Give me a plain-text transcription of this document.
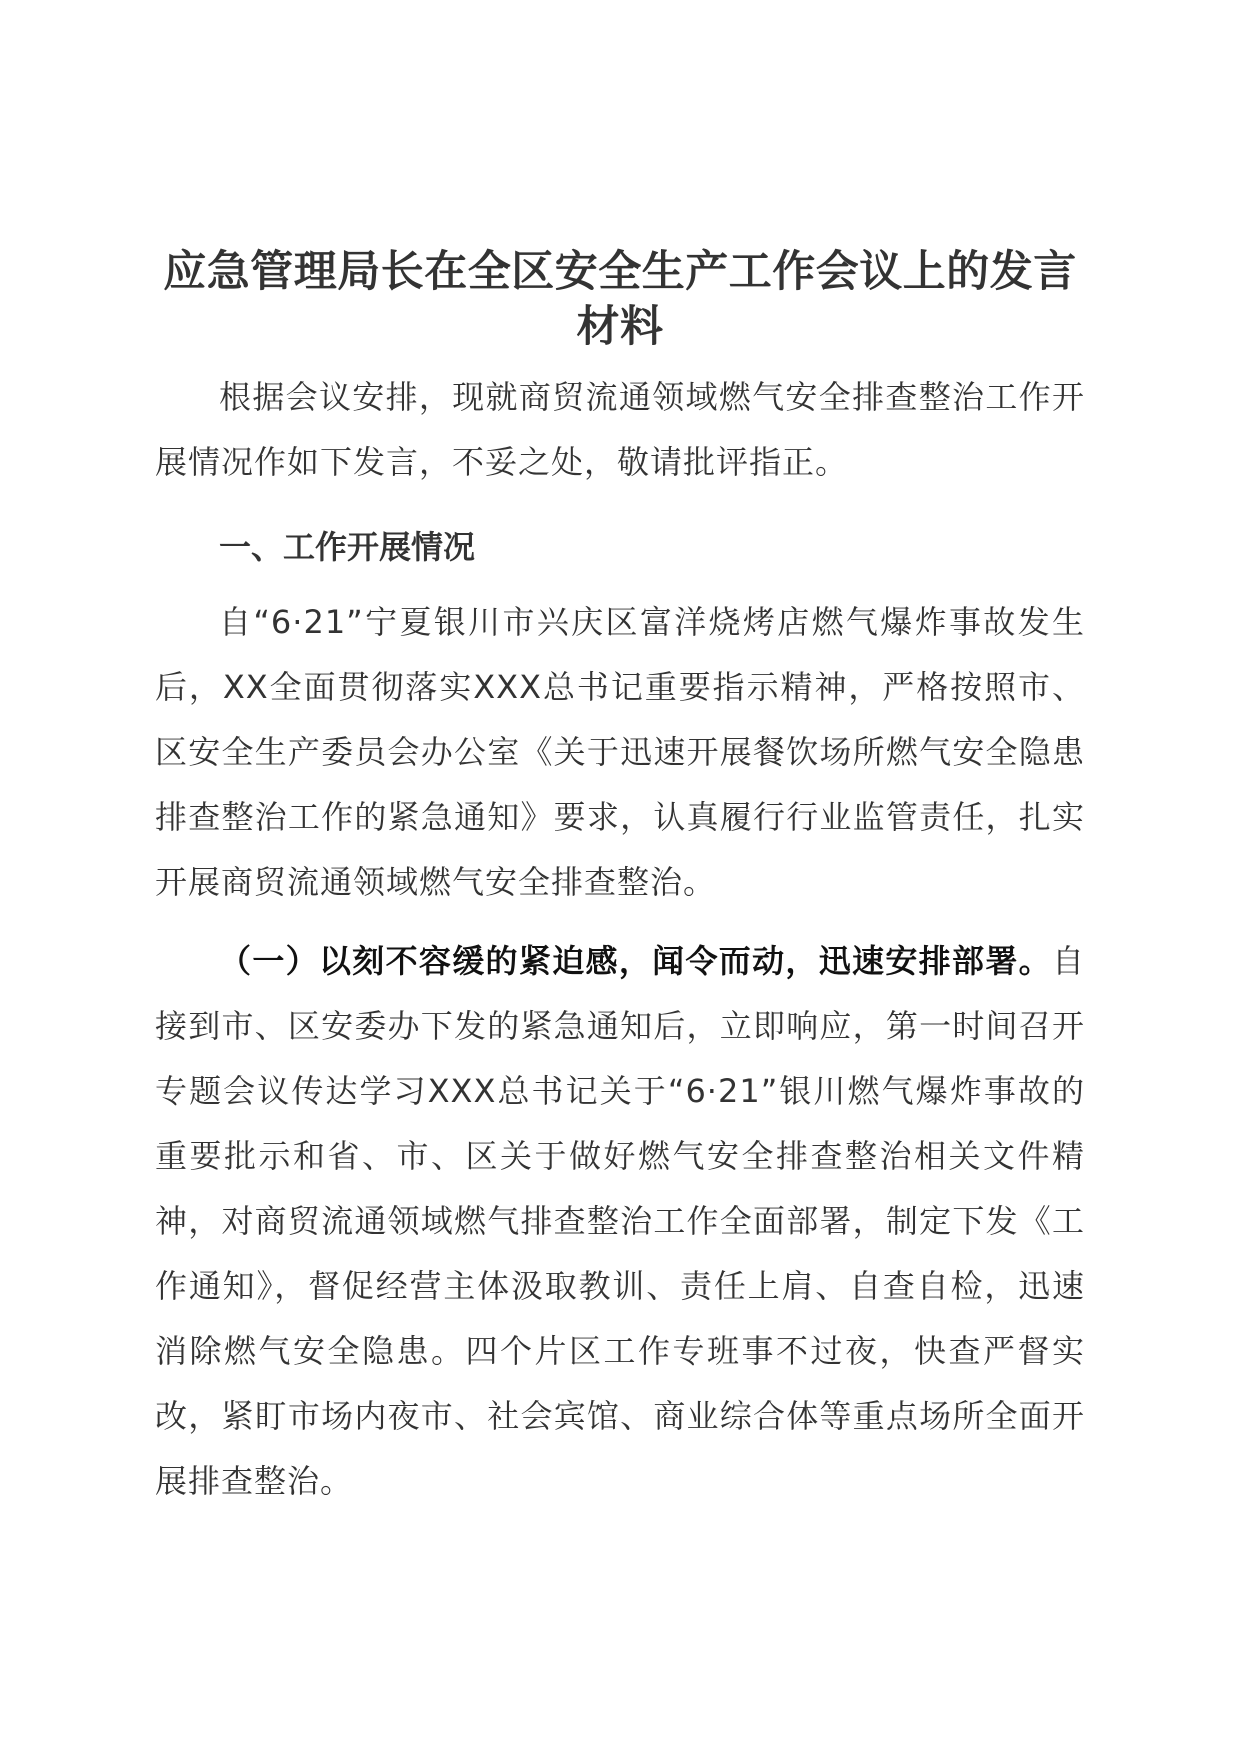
应急管理局长在全区安全生产工作会议上的发言材料

根据会议安排，现就商贸流通领域燃气安全排查整治工作开展情况作如下发言，不妥之处，敬请批评指正。

一、工作开展情况

自“6·21”宁夏银川市兴庆区富洋烧烤店燃气爆炸事故发生后，XX全面贯彻落实XXX总书记重要指示精神，严格按照市、区安全生产委员会办公室《关于迅速开展餐饮场所燃气安全隐患排查整治工作的紧急通知》要求，认真履行行业监管责任，扎实开展商贸流通领域燃气安全排查整治。

（一）以刻不容缓的紧迫感，闻令而动，迅速安排部署。自接到市、区安委办下发的紧急通知后，立即响应，第一时间召开专题会议传达学习XXX总书记关于“6·21”银川燃气爆炸事故的重要批示和省、市、区关于做好燃气安全排查整治相关文件精神，对商贸流通领域燃气排查整治工作全面部署，制定下发《工作通知》，督促经营主体汲取教训、责任上肩、自查自检，迅速消除燃气安全隐患。四个片区工作专班事不过夜，快查严督实改，紧盯市场内夜市、社会宾馆、商业综合体等重点场所全面开展排查整治。
